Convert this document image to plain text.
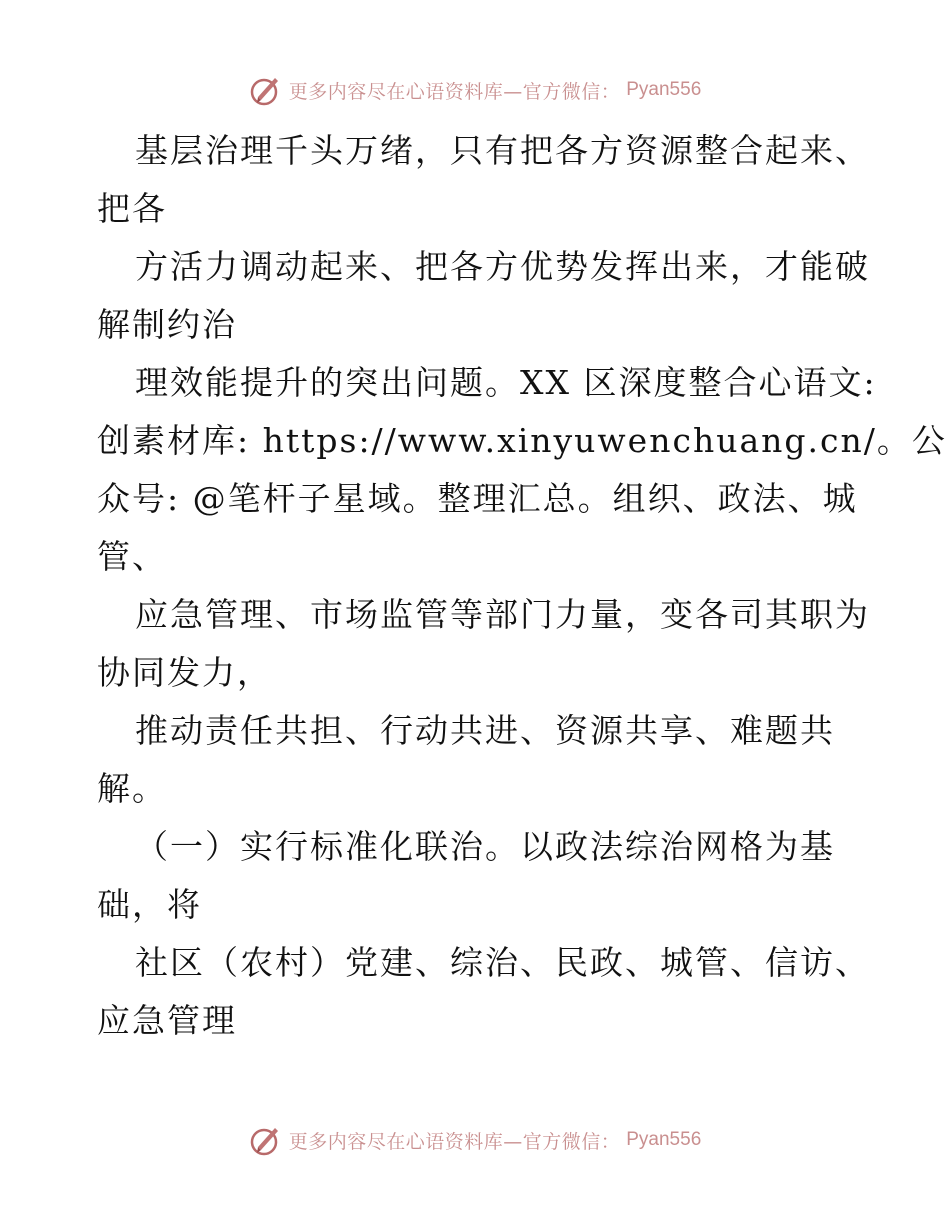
更多内容尽在心语资料库—官方微信： Pyan556
基层治理千头万绪，只有把各方资源整合起来、
把各
方活力调动起来、把各方优势发挥出来，才能破
解制约治
理效能提升的突出问题。XX 区深度整合心语文:
创素材库: https://www.xinyuwenchuang.cn/。公
众号: @笔杆子星域。整理汇总。组织、政法、城
管、
应急管理、市场监管等部门力量，变各司其职为
协同发力，
推动责任共担、行动共进、资源共享、难题共
解。
（一）实行标准化联治。以政法综治网格为基
础，将
社区（农村）党建、综治、民政、城管、信访、
应急管理
更多内容尽在心语资料库—官方微信： Pyan556
